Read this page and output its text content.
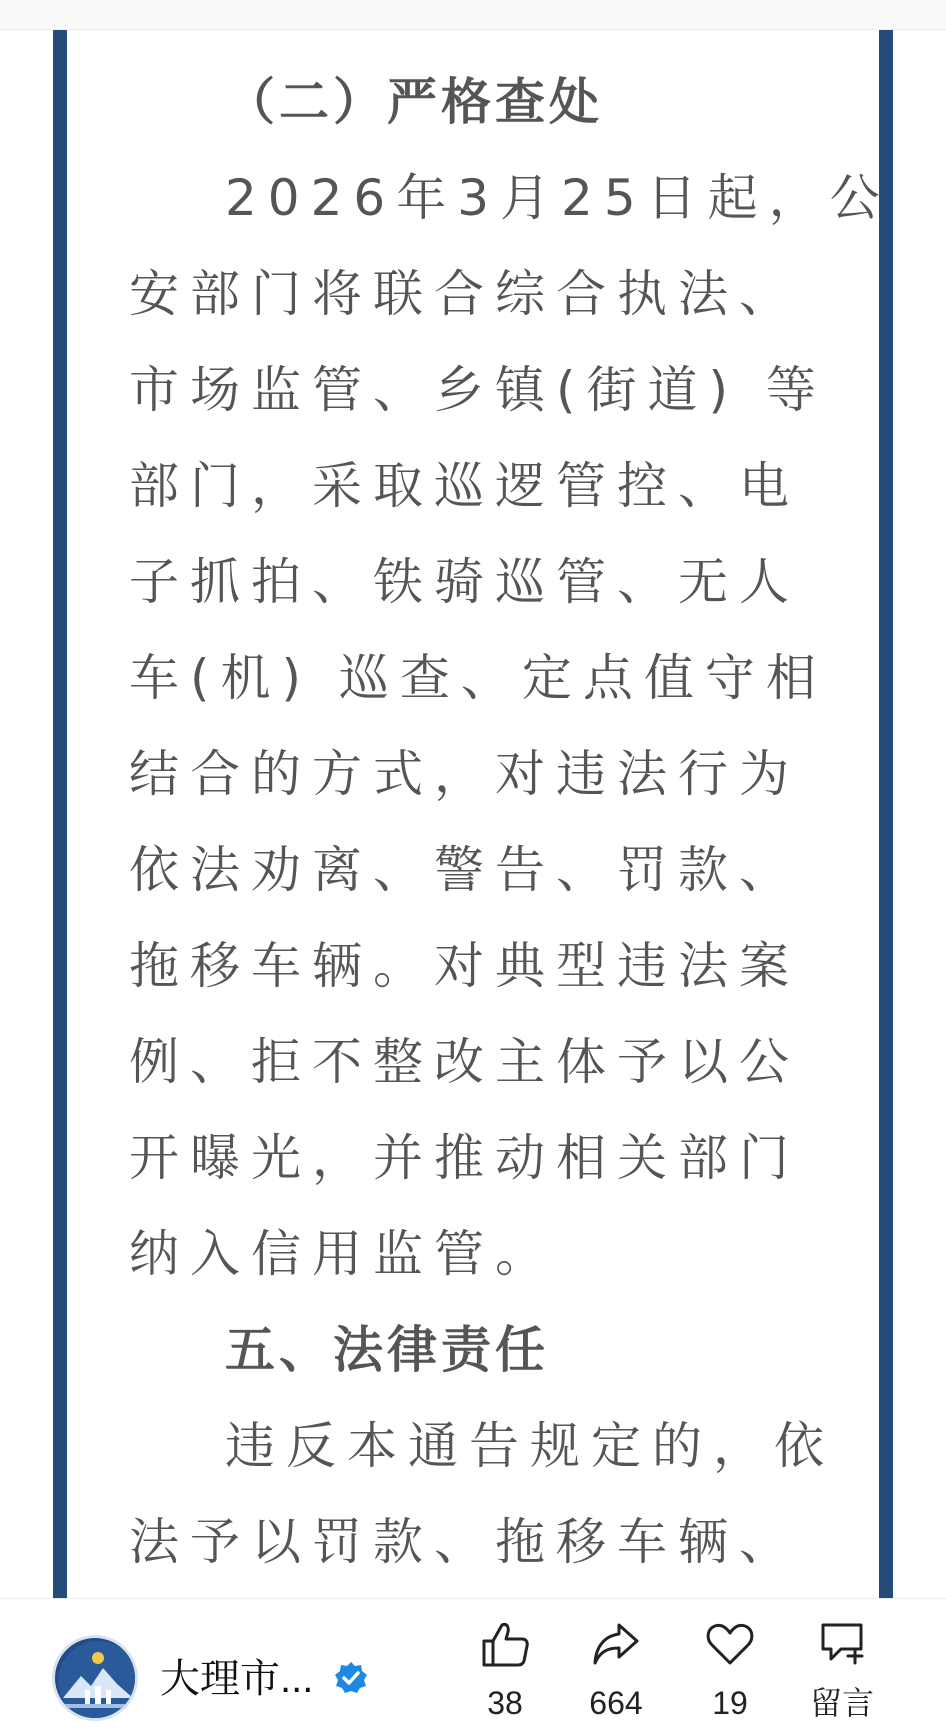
（二）严格查处
2026年3月25日起，公
安部门将联合综合执法、
市场监管、乡镇(街道) 等
部门，采取巡逻管控、电
子抓拍、铁骑巡管、无人
车(机) 巡查、定点值守相
结合的方式，对违法行为
依法劝离、警告、罚款、
拖移车辆。对典型违法案
例、拒不整改主体予以公
开曝光，并推动相关部门
纳入信用监管。
五、法律责任
违反本通告规定的，依
法予以罚款、拖移车辆、
大理市...
38	664	19	留言
